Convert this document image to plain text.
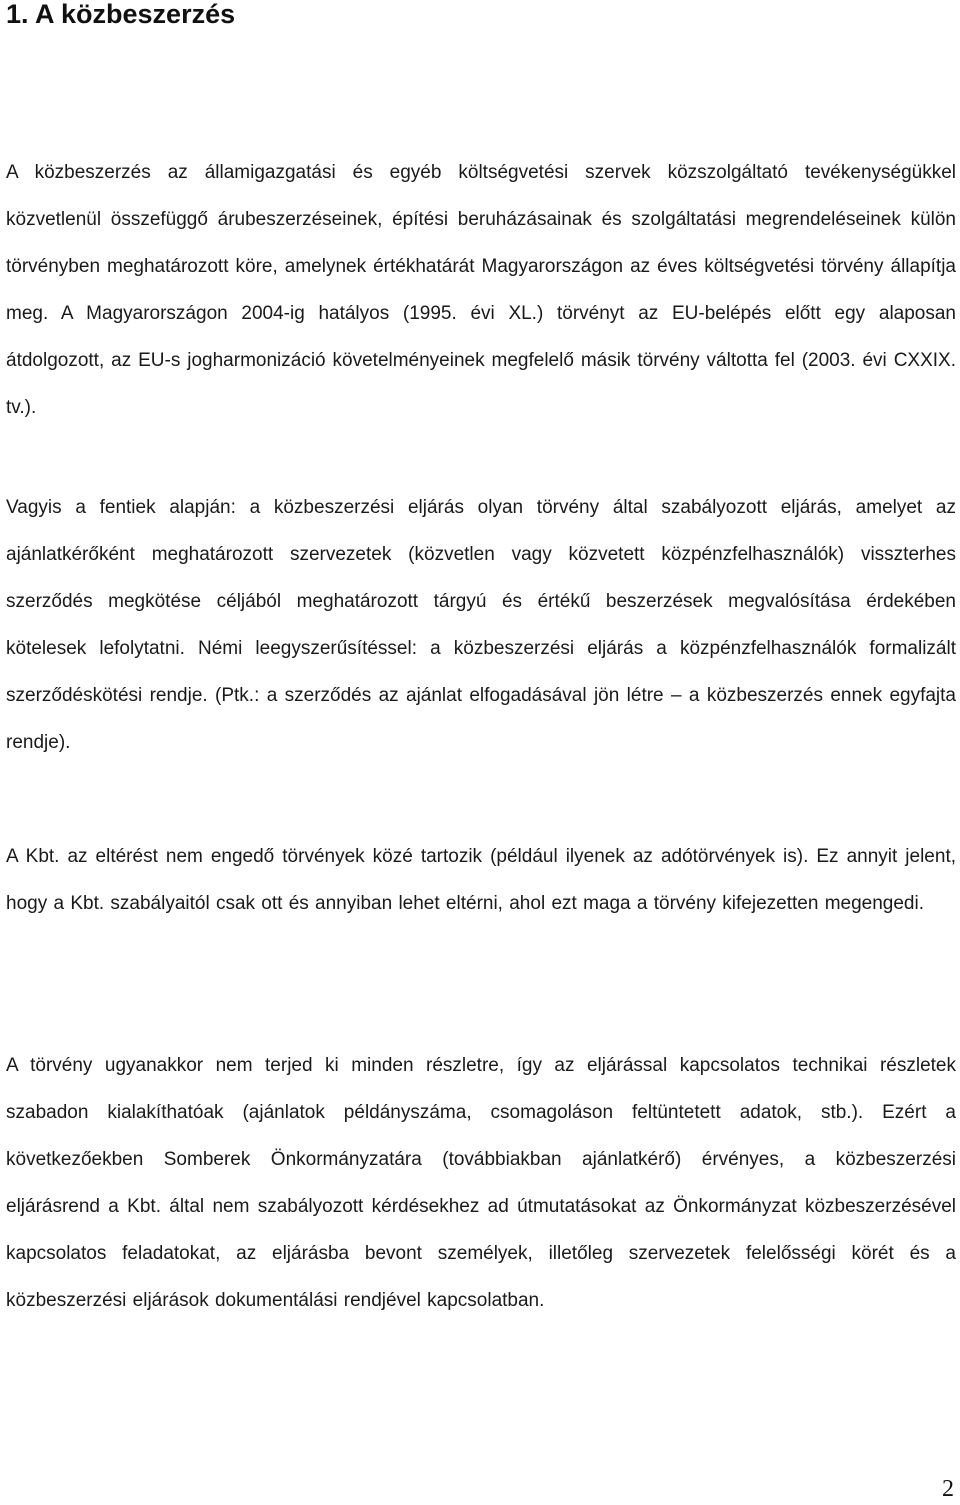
1. A közbeszerzés

A közbeszerzés az államigazgatási és egyéb költségvetési szervek közszolgáltató tevékenységükkel közvetlenül összefüggő árubeszerzéseinek, építési beruházásainak és szolgáltatási megrendeléseinek külön törvényben meghatározott köre, amelynek értékhatárát Magyarországon az éves költségvetési törvény állapítja meg. A Magyarországon 2004-ig hatályos (1995. évi XL.) törvényt az EU-belépés előtt egy alaposan átdolgozott, az EU-s jogharmonizáció követelményeinek megfelelő másik törvény váltotta fel (2003. évi CXXIX. tv.).

Vagyis a fentiek alapján: a közbeszerzési eljárás olyan törvény által szabályozott eljárás, amelyet az ajánlatkérőként meghatározott szervezetek (közvetlen vagy közvetett közpénzfelhasználók) visszterhes szerződés megkötése céljából meghatározott tárgyú és értékű beszerzések megvalósítása érdekében kötelesek lefolytatni. Némi leegyszerűsítéssel: a közbeszerzési eljárás a közpénzfelhasználók formalizált szerződéskötési rendje. (Ptk.: a szerződés az ajánlat elfogadásával jön létre – a közbeszerzés ennek egyfajta rendje).

A Kbt. az eltérést nem engedő törvények közé tartozik (például ilyenek az adótörvények is). Ez annyit jelent, hogy a Kbt. szabályaitól csak ott és annyiban lehet eltérni, ahol ezt maga a törvény kifejezetten megengedi.

A törvény ugyanakkor nem terjed ki minden részletre, így az eljárással kapcsolatos technikai részletek szabadon kialakíthatóak (ajánlatok példányszáma, csomagoláson feltüntetett adatok, stb.). Ezért a következőekben Somberek Önkormányzatára (továbbiakban ajánlatkérő) érvényes, a közbeszerzési eljárásrend a Kbt. által nem szabályozott kérdésekhez ad útmutatásokat az Önkormányzat közbeszerzésével kapcsolatos feladatokat, az eljárásba bevont személyek, illetőleg szervezetek felelősségi körét és a közbeszerzési eljárások dokumentálási rendjével kapcsolatban.

2
